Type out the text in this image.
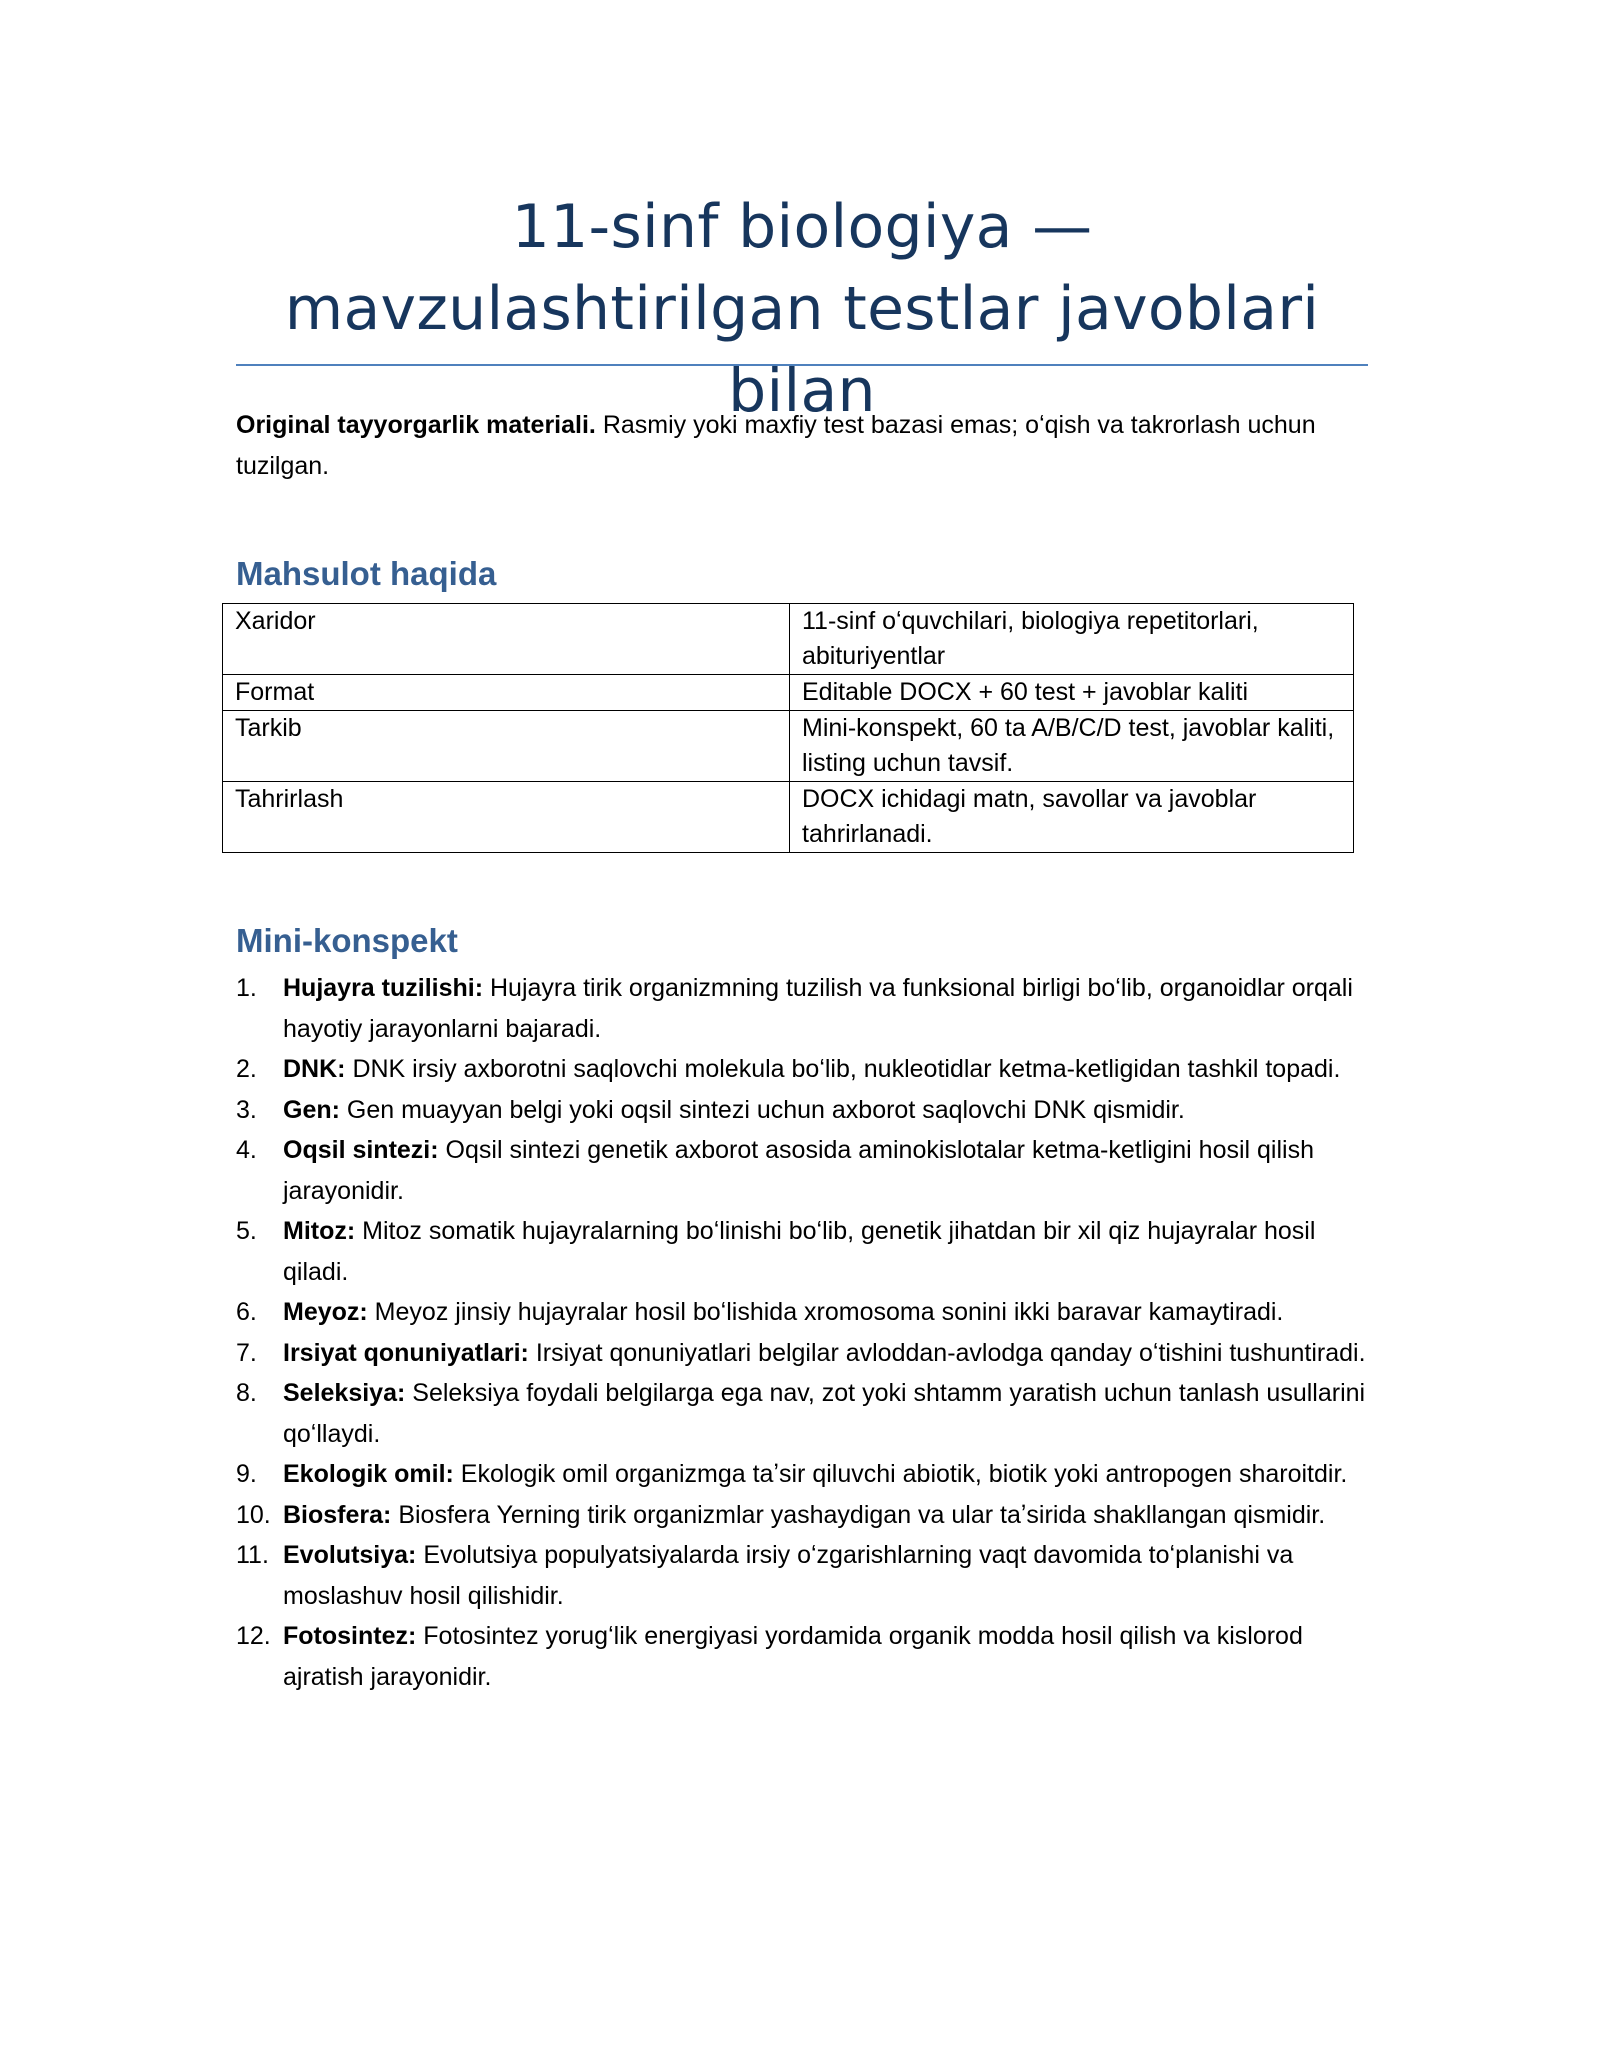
11-sinf biologiya — mavzulashtirilgan testlar javoblari bilan

Original tayyorgarlik materiali. Rasmiy yoki maxfiy test bazasi emas; oʻqish va takrorlash uchun tuzilgan.

Mahsulot haqida
Xaridor	11-sinf oʻquvchilari, biologiya repetitorlari, abituriyentlar
Format	Editable DOCX + 60 test + javoblar kaliti
Tarkib	Mini-konspekt, 60 ta A/B/C/D test, javoblar kaliti, listing uchun tavsif.
Tahrirlash	DOCX ichidagi matn, savollar va javoblar tahrirlanadi.
Mini-konspekt
1. Hujayra tuzilishi: Hujayra tirik organizmning tuzilish va funksional birligi boʻlib, organoidlar orqali hayotiy jarayonlarni bajaradi.
2. DNK: DNK irsiy axborotni saqlovchi molekula boʻlib, nukleotidlar ketma-ketligidan tashkil topadi.
3. Gen: Gen muayyan belgi yoki oqsil sintezi uchun axborot saqlovchi DNK qismidir.
4. Oqsil sintezi: Oqsil sintezi genetik axborot asosida aminokislotalar ketma-ketligini hosil qilish jarayonidir.
5. Mitoz: Mitoz somatik hujayralarning boʻlinishi boʻlib, genetik jihatdan bir xil qiz hujayralar hosil qiladi.
6. Meyoz: Meyoz jinsiy hujayralar hosil boʻlishida xromosoma sonini ikki baravar kamaytiradi.
7. Irsiyat qonuniyatlari: Irsiyat qonuniyatlari belgilar avloddan-avlodga qanday oʻtishini tushuntiradi.
8. Seleksiya: Seleksiya foydali belgilarga ega nav, zot yoki shtamm yaratish uchun tanlash usullarini qoʻllaydi.
9. Ekologik omil: Ekologik omil organizmga taʼsir qiluvchi abiotik, biotik yoki antropogen sharoitdir.
10. Biosfera: Biosfera Yerning tirik organizmlar yashaydigan va ular taʼsirida shakllangan qismidir.
11. Evolutsiya: Evolutsiya populyatsiyalarda irsiy oʻzgarishlarning vaqt davomida toʻplanishi va moslashuv hosil qilishidir.
12. Fotosintez: Fotosintez yorugʻlik energiyasi yordamida organik modda hosil qilish va kislorod ajratish jarayonidir.
